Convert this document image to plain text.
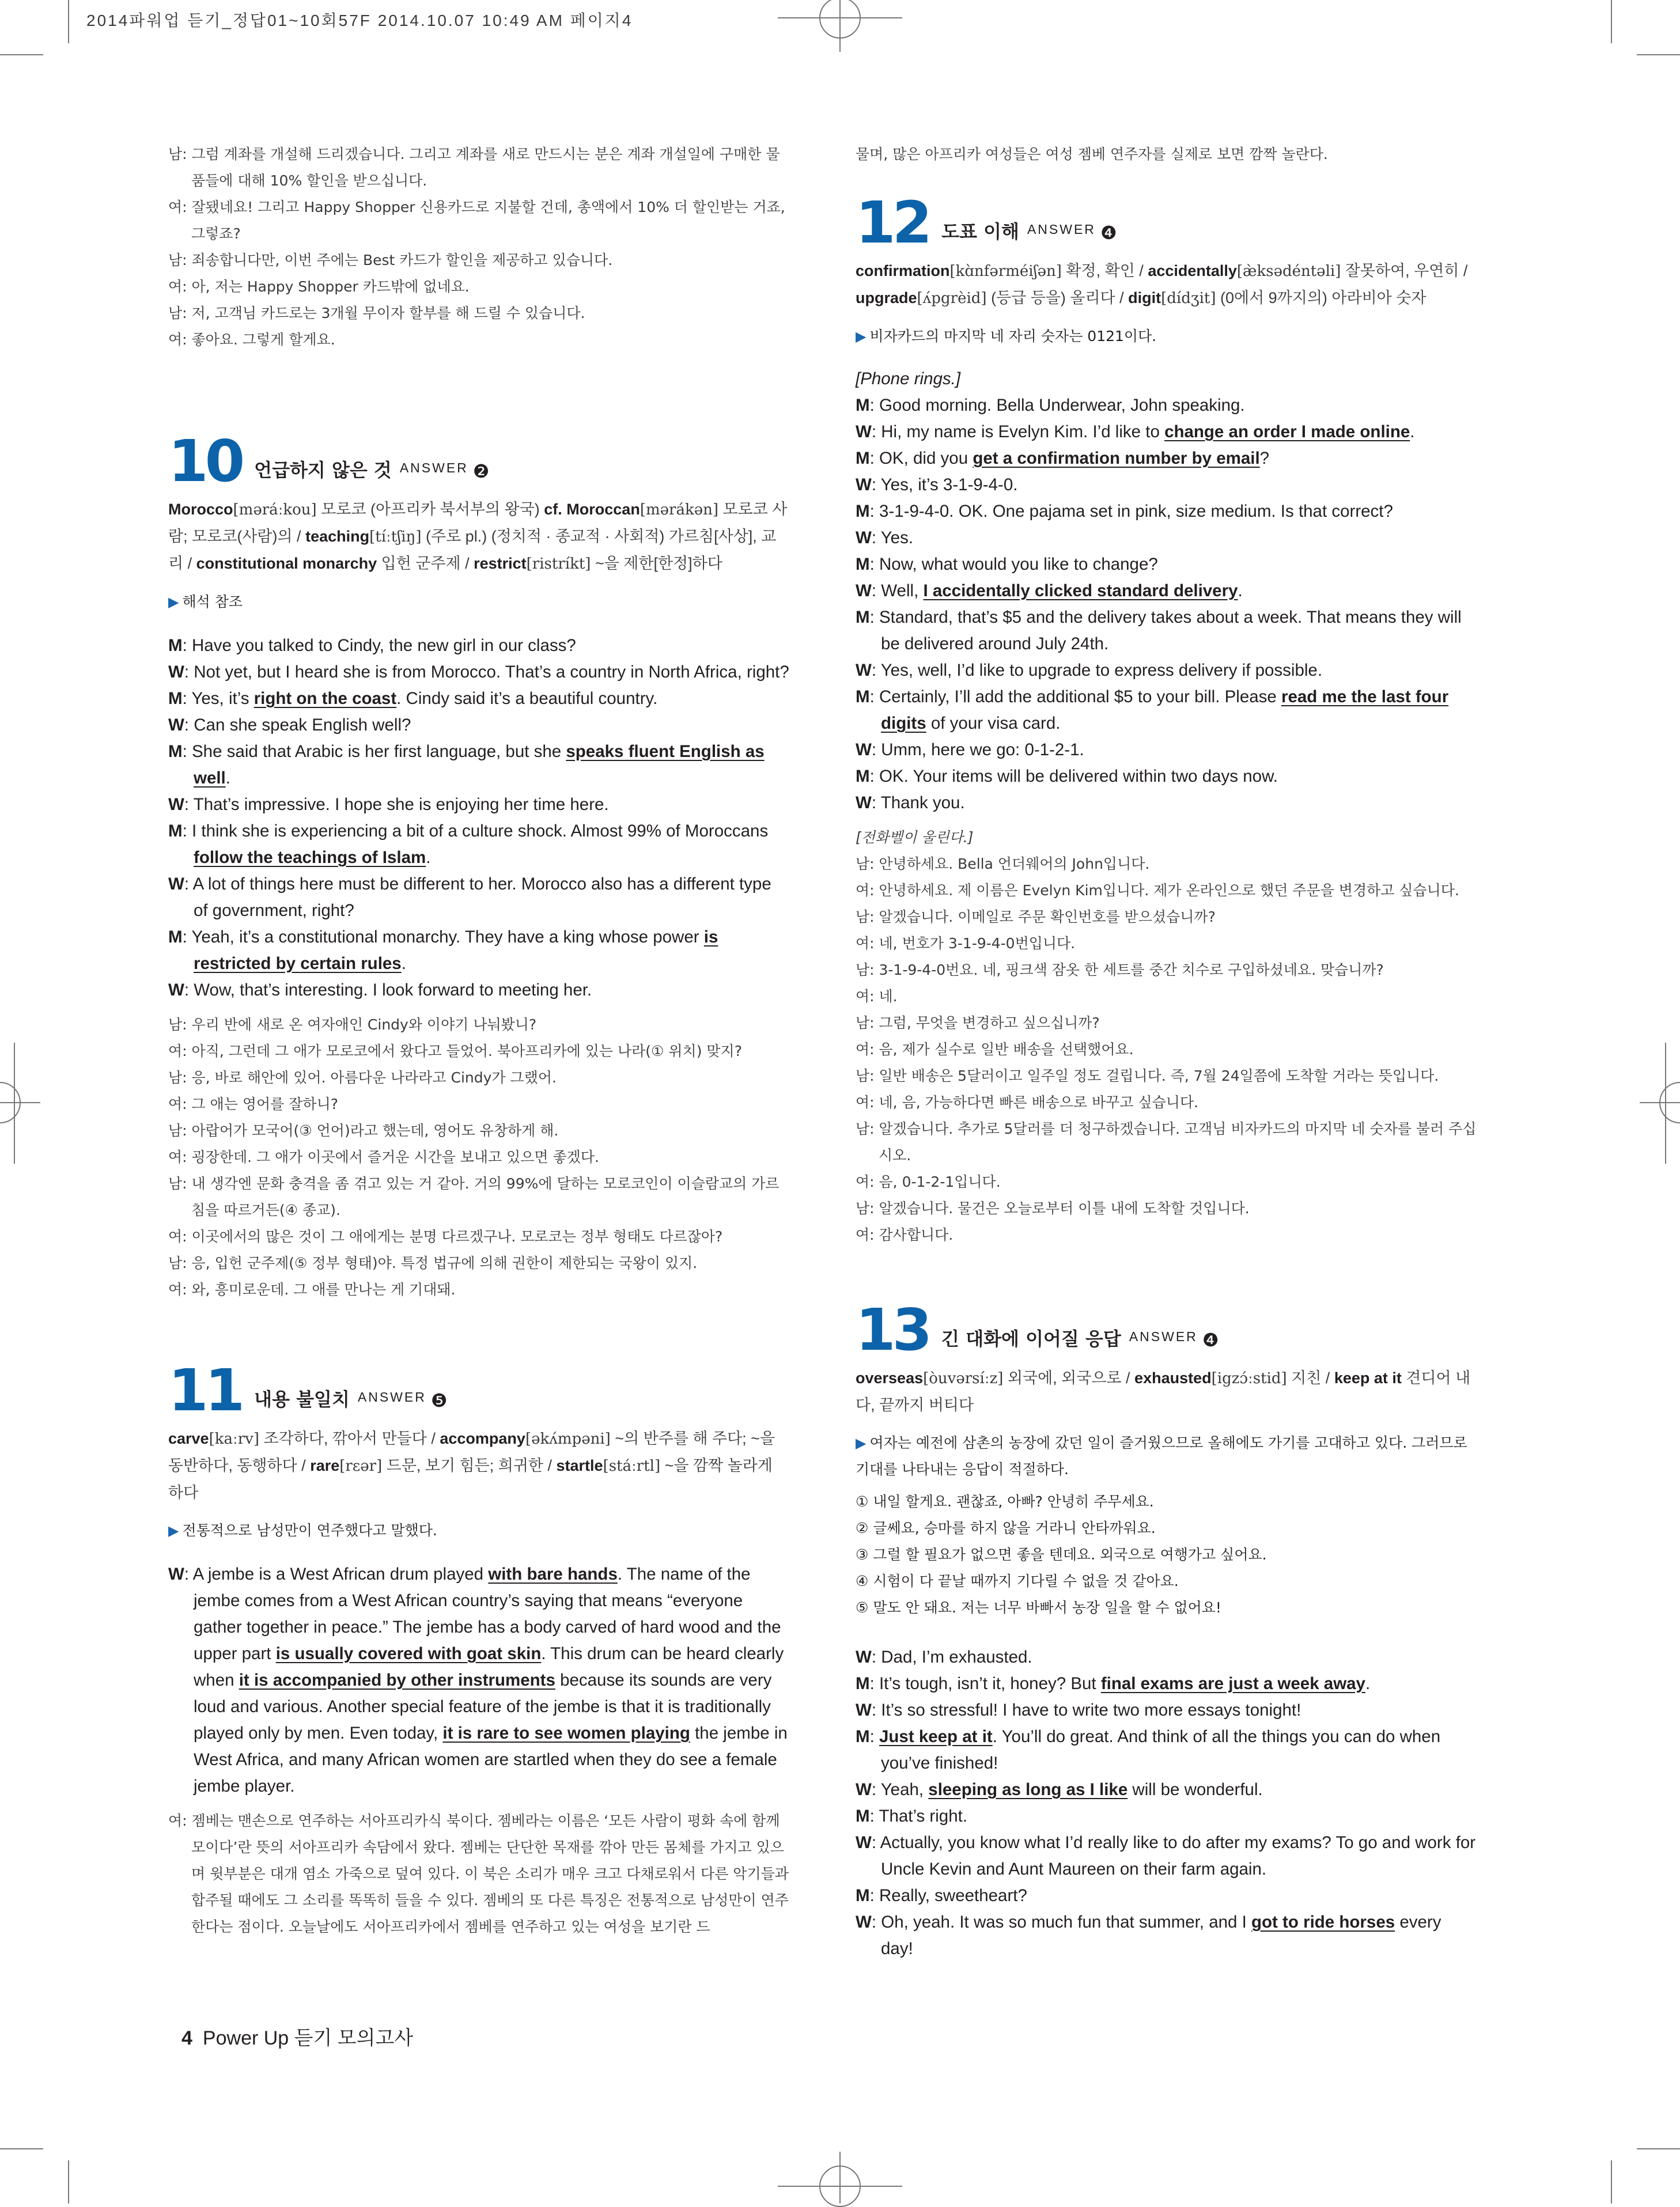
2014파워업 듣기_정답01~10회57F 2014.10.07 10:49 AM 페이지4

남: 그럼 계좌를 개설해 드리겠습니다. 그리고 계좌를 새로 만드시는 분은 계좌 개설일에 구매한 물품들에 대해 10% 할인을 받으십니다.

여: 잘됐네요! 그리고 Happy Shopper 신용카드로 지불할 건데, 총액에서 10% 더 할인받는 거죠, 그렇죠?

남: 죄송합니다만, 이번 주에는 Best 카드가 할인을 제공하고 있습니다.

여: 아, 저는 Happy Shopper 카드밖에 없네요.

남: 저, 고객님 카드로는 3개월 무이자 할부를 해 드릴 수 있습니다.

여: 좋아요. 그렇게 할게요.

10 언급하지 않은 것 ANSWER ❷

Morocco[məráːkou] 모로코 (아프리카 북서부의 왕국) cf. Moroccan[mərákən] 모로코 사람; 모로코(사람)의 / teaching[tíːtʃiŋ] (주로 pl.) (정치적 · 종교적 · 사회적) 가르침[사상], 교리 / constitutional monarchy 입헌 군주제 / restrict[ristríkt] ~을 제한[한정]하다

▶ 해석 참조

M: Have you talked to Cindy, the new girl in our class?

W: Not yet, but I heard she is from Morocco. That’s a country in North Africa, right?

M: Yes, it’s right on the coast. Cindy said it’s a beautiful country.

W: Can she speak English well?

M: She said that Arabic is her first language, but she speaks fluent English as well.

W: That’s impressive. I hope she is enjoying her time here.

M: I think she is experiencing a bit of a culture shock. Almost 99% of Moroccans follow the teachings of Islam.

W: A lot of things here must be different to her. Morocco also has a different type of government, right?

M: Yeah, it’s a constitutional monarchy. They have a king whose power is restricted by certain rules.

W: Wow, that’s interesting. I look forward to meeting her.

남: 우리 반에 새로 온 여자애인 Cindy와 이야기 나눠봤니?

여: 아직, 그런데 그 애가 모로코에서 왔다고 들었어. 북아프리카에 있는 나라(① 위치) 맞지?

남: 응, 바로 해안에 있어. 아름다운 나라라고 Cindy가 그랬어.

여: 그 애는 영어를 잘하니?

남: 아랍어가 모국어(③ 언어)라고 했는데, 영어도 유창하게 해.

여: 굉장한데. 그 애가 이곳에서 즐거운 시간을 보내고 있으면 좋겠다.

남: 내 생각엔 문화 충격을 좀 겪고 있는 거 같아. 거의 99%에 달하는 모로코인이 이슬람교의 가르침을 따르거든(④ 종교).

여: 이곳에서의 많은 것이 그 애에게는 분명 다르겠구나. 모로코는 정부 형태도 다르잖아?

남: 응, 입헌 군주제(⑤ 정부 형태)야. 특정 법규에 의해 권한이 제한되는 국왕이 있지.

여: 와, 흥미로운데. 그 애를 만나는 게 기대돼.

11 내용 불일치 ANSWER ❺

carve[kaːrv] 조각하다, 깎아서 만들다 / accompany[əkʌ́mpəni] ~의 반주를 해 주다; ~을 동반하다, 동행하다 / rare[rɛər] 드문, 보기 힘든; 희귀한 / startle[stáːrtl] ~을 깜짝 놀라게 하다

▶ 전통적으로 남성만이 연주했다고 말했다.

W: A jembe is a West African drum played with bare hands. The name of the jembe comes from a West African country’s saying that means “everyone gather together in peace.” The jembe has a body carved of hard wood and the upper part is usually covered with goat skin. This drum can be heard clearly when it is accompanied by other instruments because its sounds are very loud and various. Another special feature of the jembe is that it is traditionally played only by men. Even today, it is rare to see women playing the jembe in West Africa, and many African women are startled when they do see a female jembe player.

여: 젬베는 맨손으로 연주하는 서아프리카식 북이다. 젬베라는 이름은 ‘모든 사람이 평화 속에 함께 모이다’란 뜻의 서아프리카 속담에서 왔다. 젬베는 단단한 목재를 깎아 만든 몸체를 가지고 있으며 윗부분은 대개 염소 가죽으로 덮여 있다. 이 북은 소리가 매우 크고 다채로워서 다른 악기들과 합주될 때에도 그 소리를 똑똑히 들을 수 있다. 젬베의 또 다른 특징은 전통적으로 남성만이 연주한다는 점이다. 오늘날에도 서아프리카에서 젬베를 연주하고 있는 여성을 보기란 드

물며, 많은 아프리카 여성들은 여성 젬베 연주자를 실제로 보면 깜짝 놀란다.

12 도표 이해 ANSWER ❹

confirmation[kɑ̀nfərméiʃən] 확정, 확인 / accidentally[æ̀ksədéntəli] 잘못하여, 우연히 / upgrade[ʌ́pgrèid] (등급 등을) 올리다 / digit[dídʒit] (0에서 9까지의) 아라비아 숫자

▶ 비자카드의 마지막 네 자리 숫자는 0121이다.

[Phone rings.]

M: Good morning. Bella Underwear, John speaking.

W: Hi, my name is Evelyn Kim. I’d like to change an order I made online.

M: OK, did you get a confirmation number by email?

W: Yes, it’s 3-1-9-4-0.

M: 3-1-9-4-0. OK. One pajama set in pink, size medium. Is that correct?

W: Yes.

M: Now, what would you like to change?

W: Well, I accidentally clicked standard delivery.

M: Standard, that’s $5 and the delivery takes about a week. That means they will be delivered around July 24th.

W: Yes, well, I’d like to upgrade to express delivery if possible.

M: Certainly, I’ll add the additional $5 to your bill. Please read me the last four digits of your visa card.

W: Umm, here we go: 0-1-2-1.

M: OK. Your items will be delivered within two days now.

W: Thank you.

[전화벨이 울린다.]

남: 안녕하세요. Bella 언더웨어의 John입니다.

여: 안녕하세요. 제 이름은 Evelyn Kim입니다. 제가 온라인으로 했던 주문을 변경하고 싶습니다.

남: 알겠습니다. 이메일로 주문 확인번호를 받으셨습니까?

여: 네, 번호가 3-1-9-4-0번입니다.

남: 3-1-9-4-0번요. 네, 핑크색 잠옷 한 세트를 중간 치수로 구입하셨네요. 맞습니까?

여: 네.

남: 그럼, 무엇을 변경하고 싶으십니까?

여: 음, 제가 실수로 일반 배송을 선택했어요.

남: 일반 배송은 5달러이고 일주일 정도 걸립니다. 즉, 7월 24일쯤에 도착할 거라는 뜻입니다.

여: 네, 음, 가능하다면 빠른 배송으로 바꾸고 싶습니다.

남: 알겠습니다. 추가로 5달러를 더 청구하겠습니다. 고객님 비자카드의 마지막 네 숫자를 불러 주십시오.

여: 음, 0-1-2-1입니다.

남: 알겠습니다. 물건은 오늘로부터 이틀 내에 도착할 것입니다.

여: 감사합니다.

13 긴 대화에 이어질 응답 ANSWER ❹

overseas[òuvərsíːz] 외국에, 외국으로 / exhausted[igzɔ́ːstid] 지친 / keep at it 견디어 내다, 끝까지 버티다

▶ 여자는 예전에 삼촌의 농장에 갔던 일이 즐거웠으므로 올해에도 가기를 고대하고 있다. 그러므로 기대를 나타내는 응답이 적절하다.

① 내일 할게요. 괜찮죠, 아빠? 안녕히 주무세요.

② 글쎄요, 승마를 하지 않을 거라니 안타까워요.

③ 그럴 할 필요가 없으면 좋을 텐데요. 외국으로 여행가고 싶어요.

④ 시험이 다 끝날 때까지 기다릴 수 없을 것 같아요.

⑤ 말도 안 돼요. 저는 너무 바빠서 농장 일을 할 수 없어요!

W: Dad, I’m exhausted.

M: It’s tough, isn’t it, honey? But final exams are just a week away.

W: It’s so stressful! I have to write two more essays tonight!

M: Just keep at it. You’ll do great. And think of all the things you can do when you’ve finished!

W: Yeah, sleeping as long as I like will be wonderful.

M: That’s right.

W: Actually, you know what I’d really like to do after my exams? To go and work for Uncle Kevin and Aunt Maureen on their farm again.

M: Really, sweetheart?

W: Oh, yeah. It was so much fun that summer, and I got to ride horses every day!

4 Power Up 듣기 모의고사
